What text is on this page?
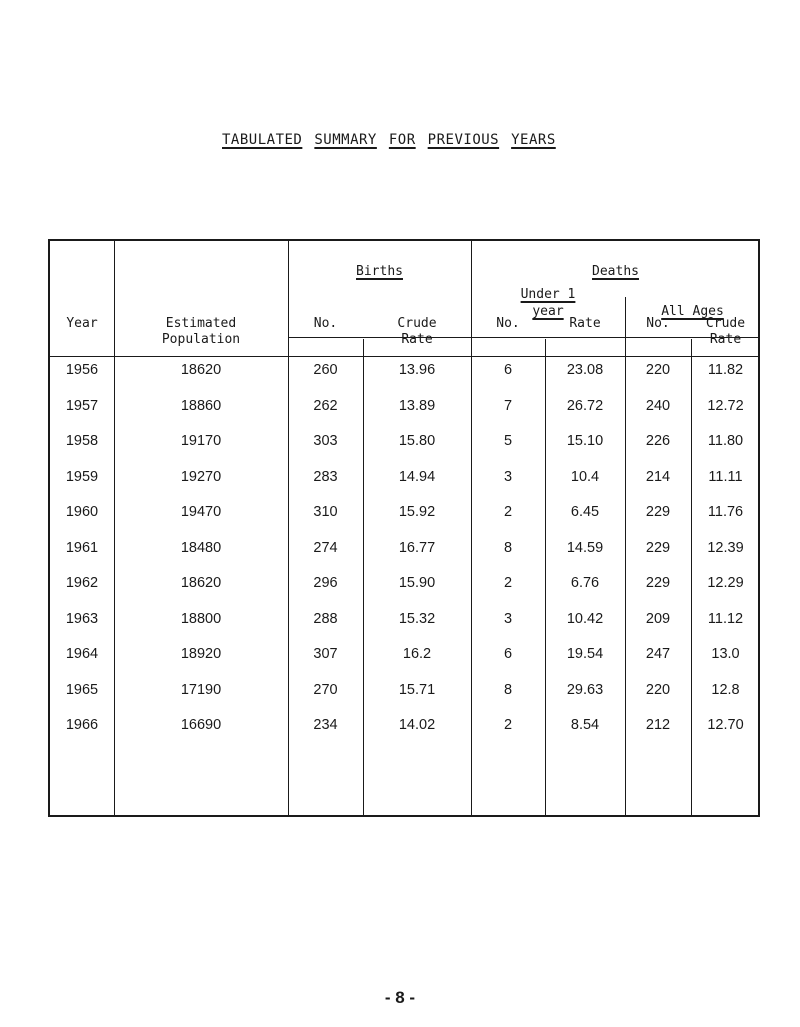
TABULATED SUMMARY FOR PREVIOUS YEARS
Births	Deaths
Under 1
year	All Ages
Year	Estimated
Population
No.	Crude
Rate
No.	Rate	No.	Crude
Rate
1956	18620	260	13.96	6	23.08	220	11.82
1957	18860	262	13.89	7	26.72	240	12.72
1958	19170	303	15.80	5	15.10	226	11.80
1959	19270	283	14.94	3	10.4	214	11.11
1960	19470	310	15.92	2	6.45	229	11.76
1961	18480	274	16.77	8	14.59	229	12.39
1962	18620	296	15.90	2	6.76	229	12.29
1963	18800	288	15.32	3	10.42	209	11.12
1964	18920	307	16.2	6	19.54	247	13.0
1965	17190	270	15.71	8	29.63	220	12.8
1966	16690	234	14.02	2	8.54	212	12.70
- 8 -
